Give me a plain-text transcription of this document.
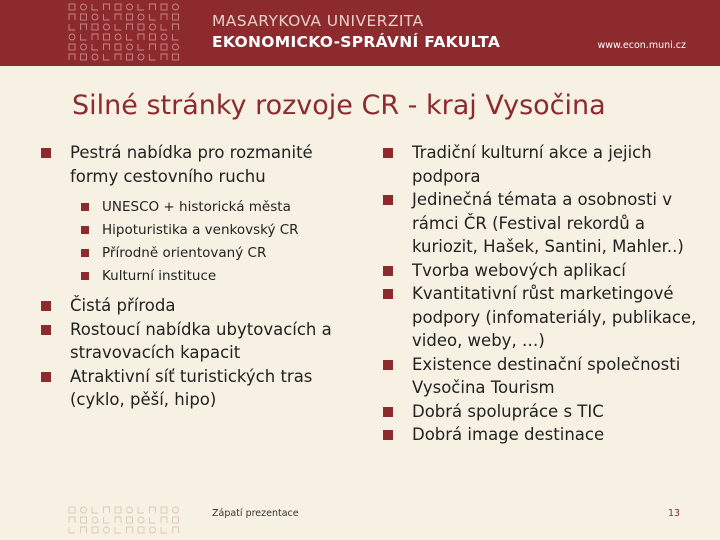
MASARYKOVA UNIVERZITA
EKONOMICKO-SPRÁVNÍ FAKULTA	www.econ.muni.cz
Silné stránky rozvoje CR - kraj Vysočina
Pestrá nabídka pro rozmanité formy cestovního ruchu
UNESCO + historická města
Hipoturistika a venkovský CR
Přírodně orientovaný CR
Kulturní instituce
Čistá příroda
Rostoucí nabídka ubytovacích a stravovacích kapacit
Atraktivní síť turistických tras (cyklo, pěší, hipo)
Tradiční kulturní akce a jejich podpora
Jedinečná témata a osobnosti v rámci ČR (Festival rekordů a kuriozit, Hašek, Santini, Mahler..)
Tvorba webových aplikací
Kvantitativní růst marketingové podpory (infomateriály, publikace, video, weby, …)
Existence destinační společnosti Vysočina Tourism
Dobrá spolupráce s TIC
Dobrá image destinace
Zápatí prezentace	13
